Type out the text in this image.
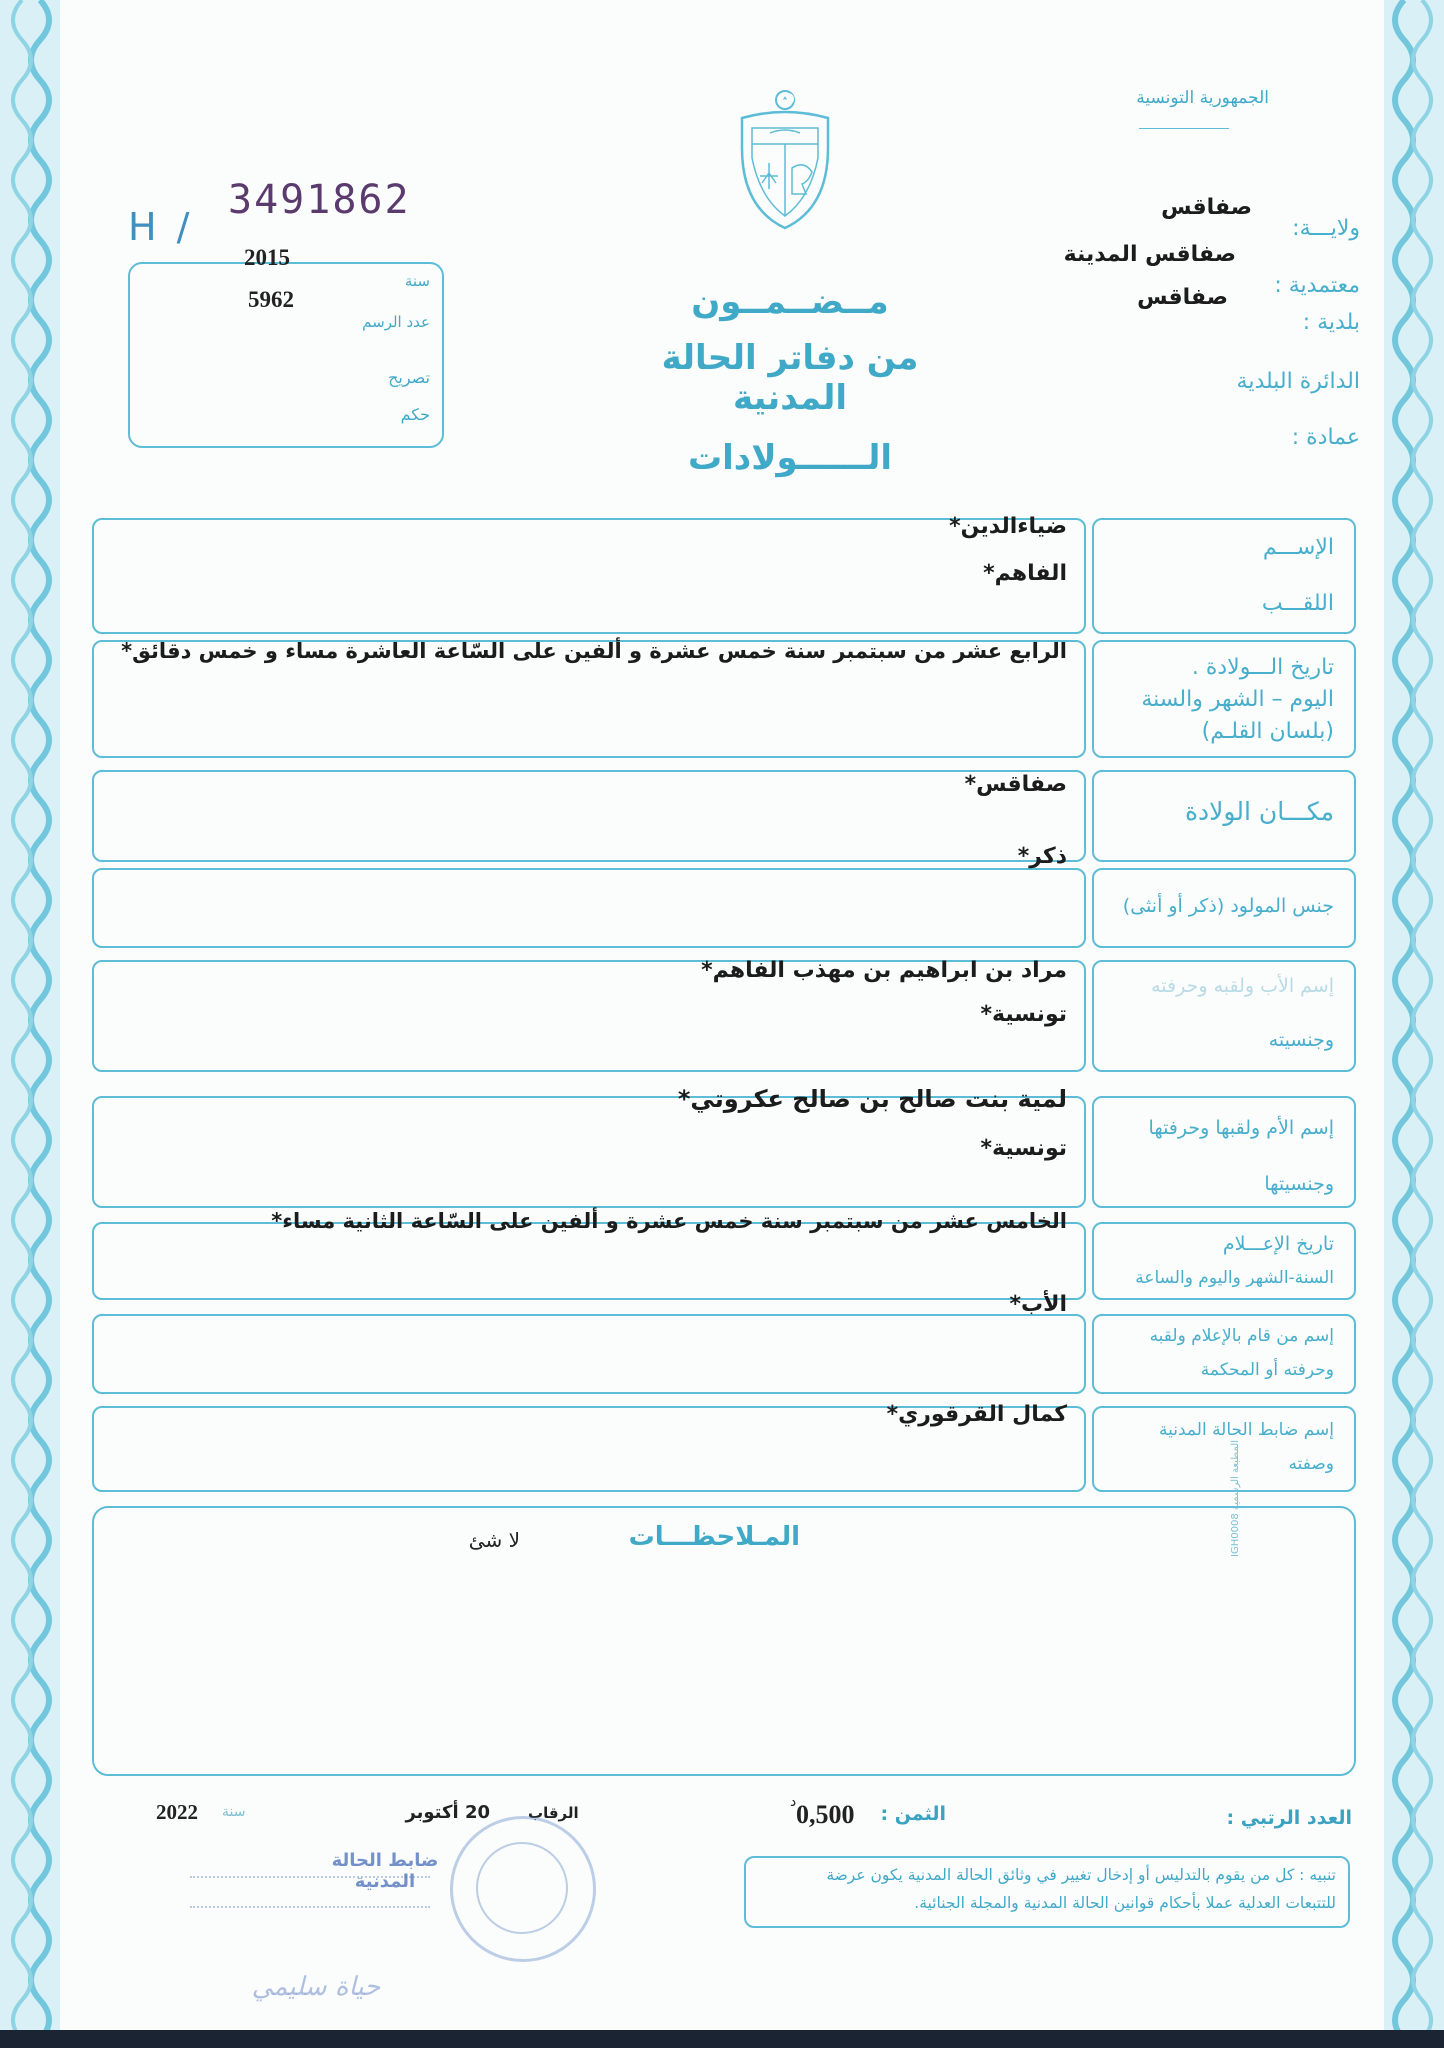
الجمهورية التونسية
H /
3491862
سنة
2015
عدد الرسم
5962
تصريح
حكم
مــضــمــون
من دفاتر الحالة المدنية
الــــــولادات
ولايـــة:
صفاقس
معتمدية :
صفاقس المدينة
بلدية :
صفاقس
الدائرة البلدية
عمادة :
الإســـم
اللقـــب
ضياءالدين*
الفاهم*
تاريخ الـــولادة .
اليوم – الشهر والسنة
(بلسان القلـم)
الرابع عشر من سبتمبر سنة خمس عشرة و ألفين على السّاعة العاشرة مساء و خمس دقائق*
مكـــان الولادة
صفاقس*
جنس المولود (ذكر أو أنثى)
ذكر*
إسم الأب ولقبه وحرفته
وجنسيته
مراد بن ابراهيم بن مهذب الفاهم*
تونسية*
إسم الأم ولقبها وحرفتها
وجنسيتها
لمية بنت صالح بن صالح عكروتي*
تونسية*
تاريخ الإعـــلام
السنة-الشهر واليوم والساعة
الخامس عشر من سبتمبر سنة خمس عشرة و ألفين على السّاعة الثانية مساء*
إسم من قام بالإعلام ولقبه
وحرفته أو المحكمة
الأب*
إسم ضابط الحالة المدنية
وصفته
كمال القرقوري*
المـلاحظـــات
لا شئ	المطبعة الرسمية IGH0008
العدد الرتبي :
الثمن :
0,500
د
الرقاب
20 أكتوبر
سنة
2022
ضابط الحالة المدنية
حياة سليمي
تنبيه : كل من يقوم بالتدليس أو إدخال تغيير في وثائق الحالة المدنية يكون عرضة
للتتبعات العدلية عملا بأحكام قوانين الحالة المدنية والمجلة الجنائية.
